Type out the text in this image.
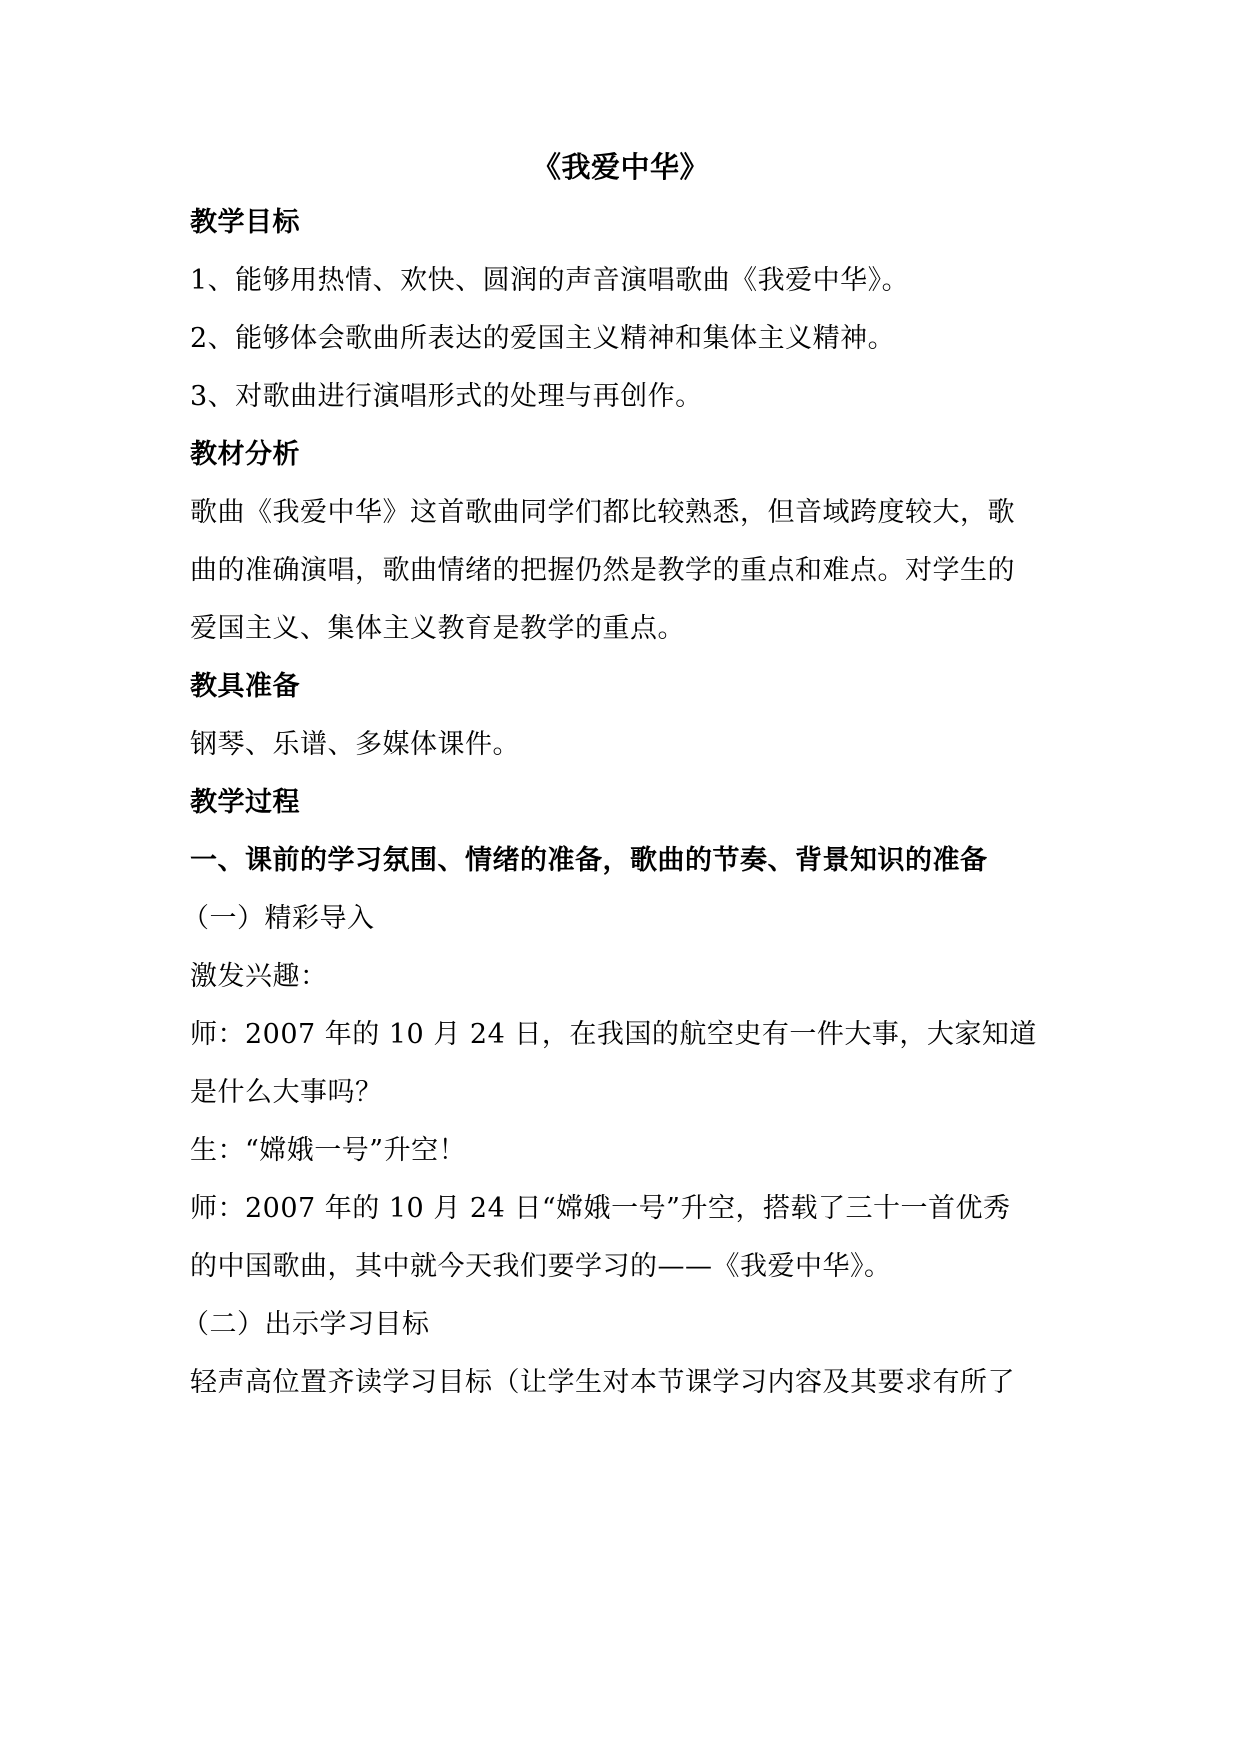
《我爱中华》
教学目标
1、能够用热情、欢快、圆润的声音演唱歌曲《我爱中华》。
2、能够体会歌曲所表达的爱国主义精神和集体主义精神。
3、对歌曲进行演唱形式的处理与再创作。
教材分析
歌曲《我爱中华》这首歌曲同学们都比较熟悉，但音域跨度较大，歌
曲的准确演唱，歌曲情绪的把握仍然是教学的重点和难点。对学生的
爱国主义、集体主义教育是教学的重点。
教具准备
钢琴、乐谱、多媒体课件。
教学过程
一、课前的学习氛围、情绪的准备，歌曲的节奏、背景知识的准备
（一）精彩导入
激发兴趣：
师：2007 年的 10 月 24 日，在我国的航空史有一件大事，大家知道
是什么大事吗？
生：“嫦娥一号”升空！
师：2007 年的 10 月 24 日“嫦娥一号”升空，搭载了三十一首优秀
的中国歌曲，其中就今天我们要学习的——《我爱中华》。
（二）出示学习目标
轻声高位置齐读学习目标（让学生对本节课学习内容及其要求有所了
